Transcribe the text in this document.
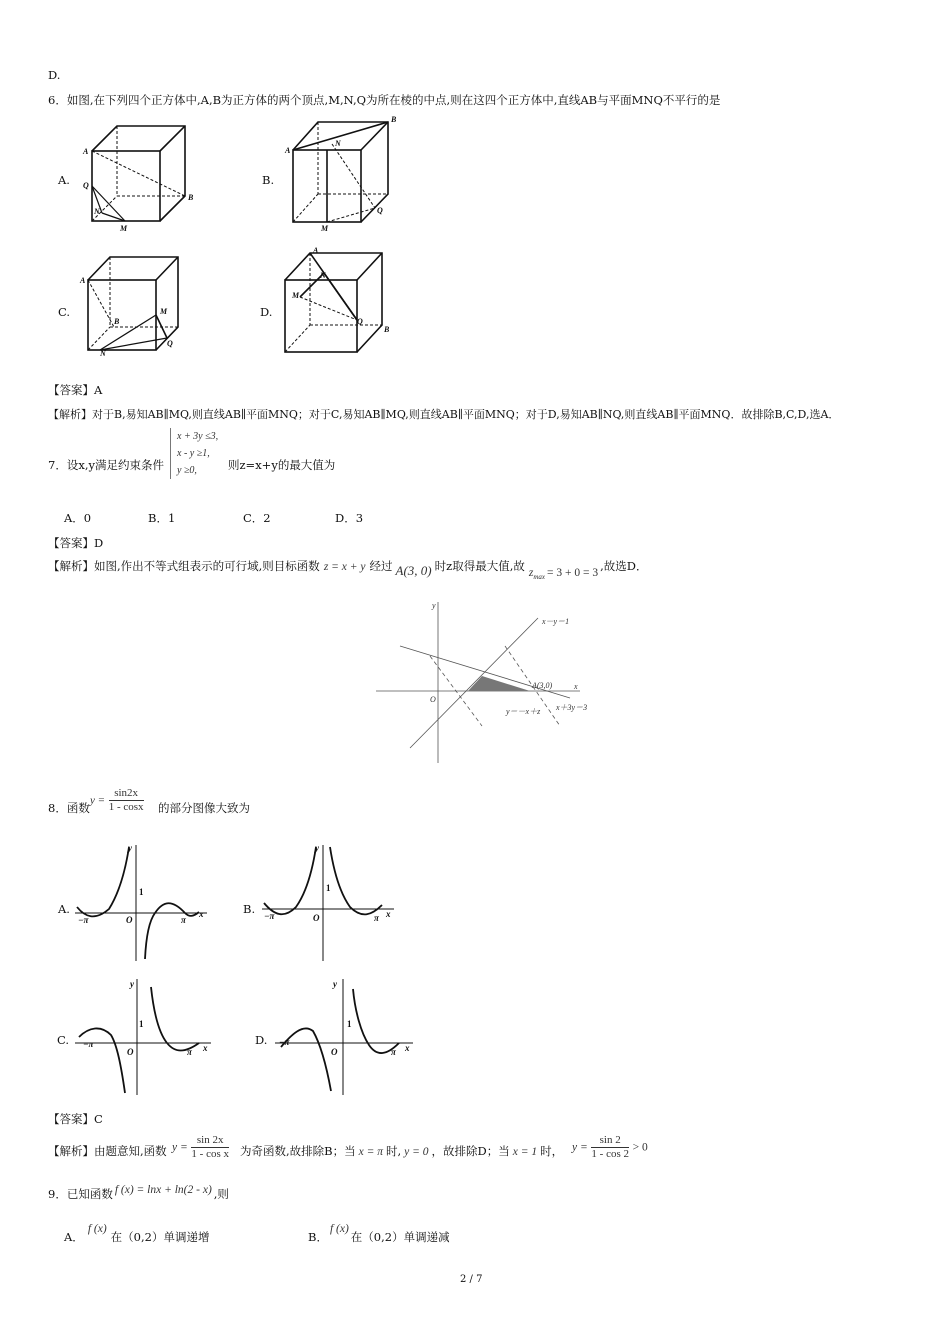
D.
6．如图,在下列四个正方体中,A,B为正方体的两个顶点,M,N,Q为所在棱的中点,则在这四个正方体中,直线AB与平面MNQ不平行的是
A.	B.
C.	D.
A
B
Q
N
M
A
B
N
Q
M
A
B
M
Q
N
A
N
M
Q
B
【答案】A
【解析】对于B,易知AB∥MQ,则直线AB∥平面MNQ；对于C,易知AB∥MQ,则直线AB∥平面MNQ；对于D,易知AB∥NQ,则直线AB∥平面MNQ．故排除B,C,D,选A．
7．设x,y满足约束条件
x + 3y ≤3,
x - y ≥1,
y ≥0,	则z=x+y的最大值为
A．0	B．1	C．2	D．3
【答案】D
【解析】如图,作出不等式组表示的可行域,则目标函数 z = x + y 经过 A(3, 0) 时z取得最大值,故 $z_{max} = 3 + 0 = 3$ ,故选D．
y
x
O
x－y＝1
A(3,0)
x＋3y＝3
y＝－x＋z
8．函数
$y = \frac{\sin 2x}{1 - \cos x}$ 的部分图像大致为
A.	B.
C.	D.
y
x
O
1
π
−π
y
x
O
1
π
−π
y
x
O
1
π
−π
y
x
O
1
π
−π
【答案】C
【解析】由题意知,函数 $y = \frac{\sin 2x}{\text{1 - cos x}}$ 为奇函数,故排除B；当 x = π 时, y = 0 ，故排除D；当 x = 1 时， $y = \frac{\sin 2}{1 - \cos 2} > 0$
9．已知函数 f (x) = lnx + ln(2 - x) ,则
A．f (x)在（0,2）单调递增	B．f (x)在（0,2）单调递减
2 / 7
